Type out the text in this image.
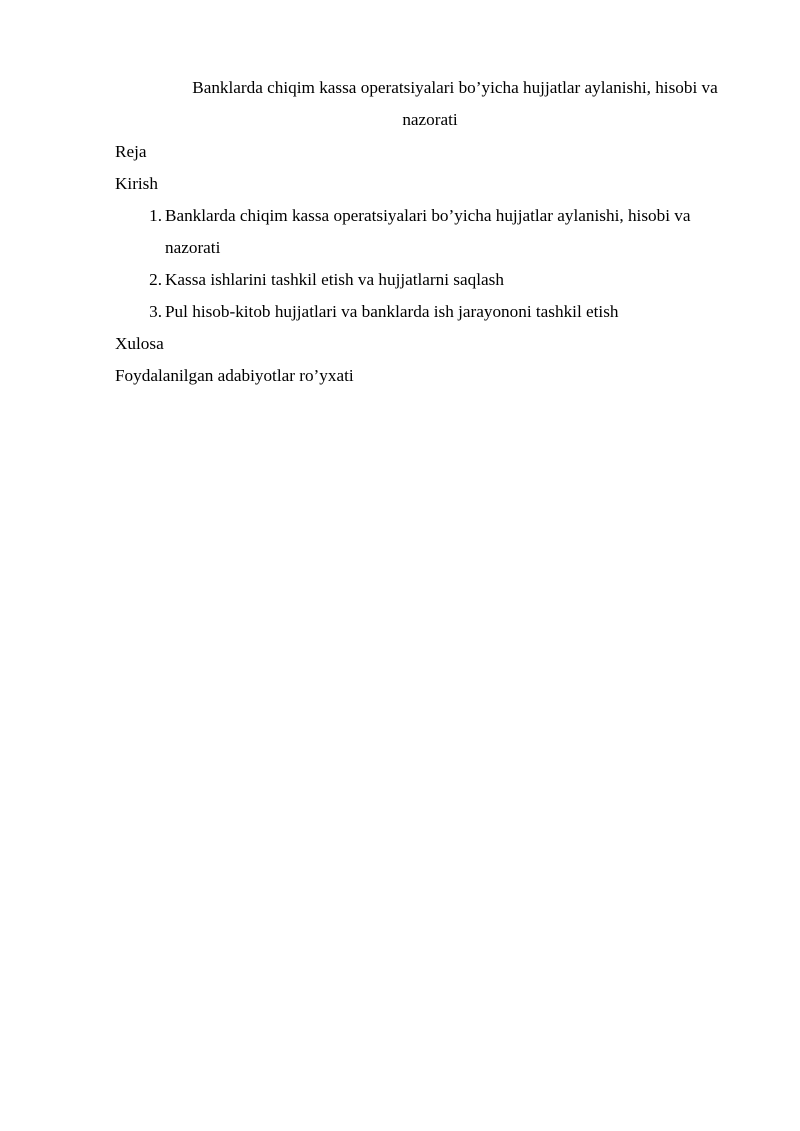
Banklarda chiqim kassa operatsiyalari bo’yicha hujjatlar aylanishi, hisobi va nazorati

Reja

Kirish

1. Banklarda chiqim kassa operatsiyalari bo’yicha hujjatlar aylanishi, hisobi va nazorati
2. Kassa ishlarini tashkil etish va hujjatlarni saqlash
3. Pul hisob-kitob hujjatlari va banklarda ish jarayononi tashkil etish

Xulosa

Foydalanilgan adabiyotlar ro’yxati
